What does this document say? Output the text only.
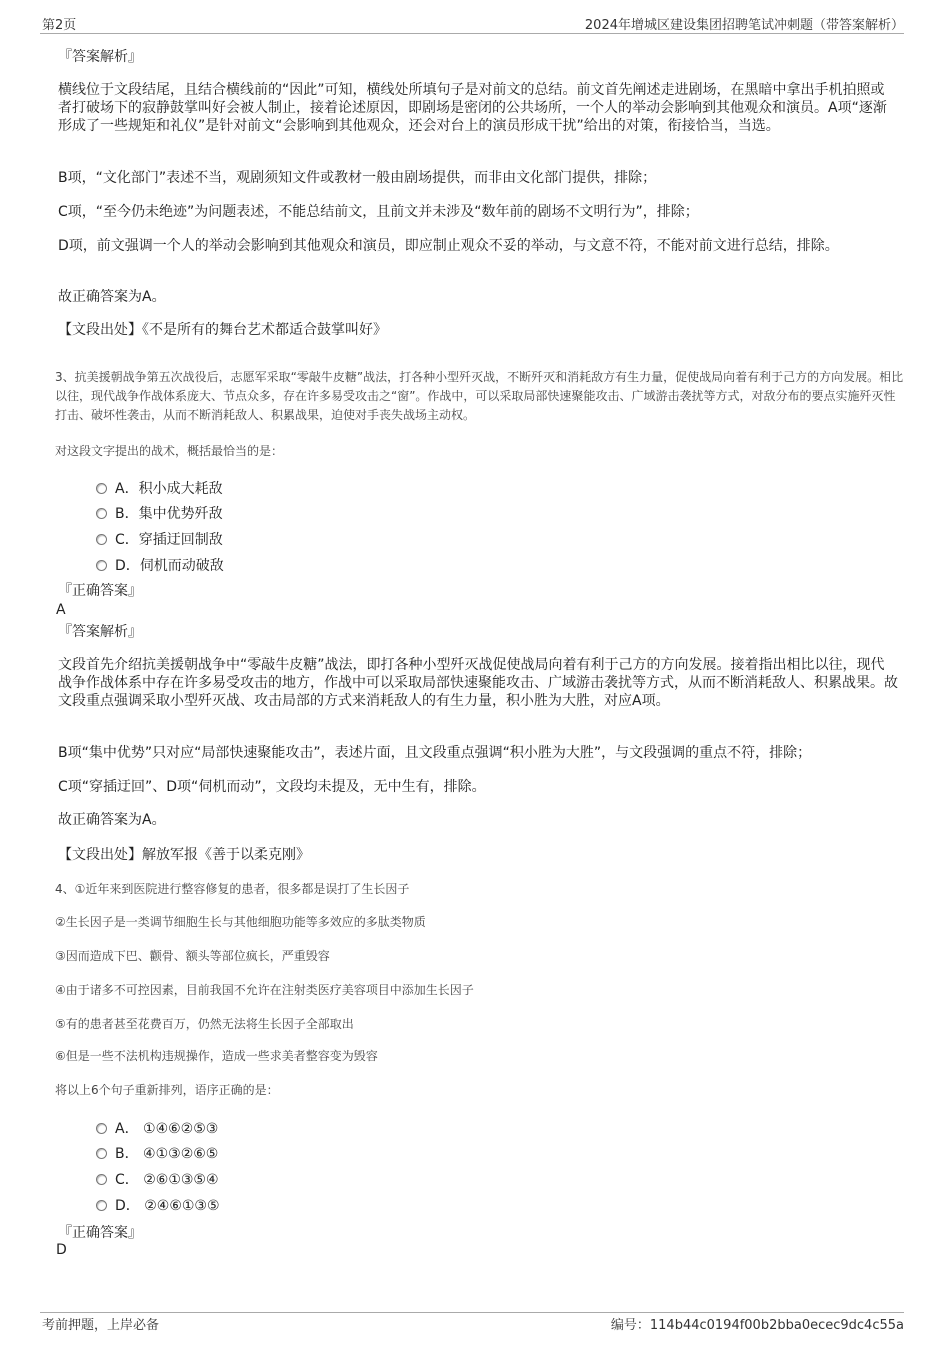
第2页	2024年增城区建设集团招聘笔试冲刺题（带答案解析）
『答案解析』
横线位于文段结尾，且结合横线前的“因此”可知，横线处所填句子是对前文的总结。前文首先阐述走进剧场，在黑暗中拿出手机拍照或者打破场下的寂静鼓掌叫好会被人制止，接着论述原因，即剧场是密闭的公共场所，一个人的举动会影响到其他观众和演员。A项“逐渐形成了一些规矩和礼仪”是针对前文“会影响到其他观众，还会对台上的演员形成干扰”给出的对策，衔接恰当，当选。
B项，“文化部门”表述不当，观剧须知文件或教材一般由剧场提供，而非由文化部门提供，排除；
C项，“至今仍未绝迹”为问题表述，不能总结前文，且前文并未涉及“数年前的剧场不文明行为”，排除；
D项，前文强调一个人的举动会影响到其他观众和演员，即应制止观众不妥的举动，与文意不符，不能对前文进行总结，排除。
故正确答案为A。
【文段出处】《不是所有的舞台艺术都适合鼓掌叫好》
3、抗美援朝战争第五次战役后，志愿军采取“零敲牛皮糖”战法，打各种小型歼灭战，不断歼灭和消耗敌方有生力量，促使战局向着有利于己方的方向发展。相比以往，现代战争作战体系庞大、节点众多，存在许多易受攻击之“窗”。作战中，可以采取局部快速聚能攻击、广域游击袭扰等方式，对敌分布的要点实施歼灭性打击、破坏性袭击，从而不断消耗敌人、积累战果，迫使对手丧失战场主动权。
对这段文字提出的战术，概括最恰当的是：
A．积小成大耗敌
B．集中优势歼敌
C．穿插迂回制敌
D．伺机而动破敌
『正确答案』
A
『答案解析』
文段首先介绍抗美援朝战争中“零敲牛皮糖”战法，即打各种小型歼灭战促使战局向着有利于己方的方向发展。接着指出相比以往，现代战争作战体系中存在许多易受攻击的地方，作战中可以采取局部快速聚能攻击、广域游击袭扰等方式，从而不断消耗敌人、积累战果。故文段重点强调采取小型歼灭战、攻击局部的方式来消耗敌人的有生力量，积小胜为大胜，对应A项。
B项“集中优势”只对应“局部快速聚能攻击”，表述片面，且文段重点强调“积小胜为大胜”，与文段强调的重点不符，排除；
C项“穿插迂回”、D项“伺机而动”，文段均未提及，无中生有，排除。
故正确答案为A。
【文段出处】解放军报《善于以柔克刚》
4、①近年来到医院进行整容修复的患者，很多都是误打了生长因子
②生长因子是一类调节细胞生长与其他细胞功能等多效应的多肽类物质
③因而造成下巴、颧骨、额头等部位疯长，严重毁容
④由于诸多不可控因素，目前我国不允许在注射类医疗美容项目中添加生长因子
⑤有的患者甚至花费百万，仍然无法将生长因子全部取出
⑥但是一些不法机构违规操作，造成一些求美者整容变为毁容
将以上6个句子重新排列，语序正确的是：
A． ①④⑥②⑤③
B． ④①③②⑥⑤
C． ②⑥①③⑤④
D． ②④⑥①③⑤
『正确答案』
D
考前押题，上岸必备	编号：114b44c0194f00b2bba0ecec9dc4c55a
